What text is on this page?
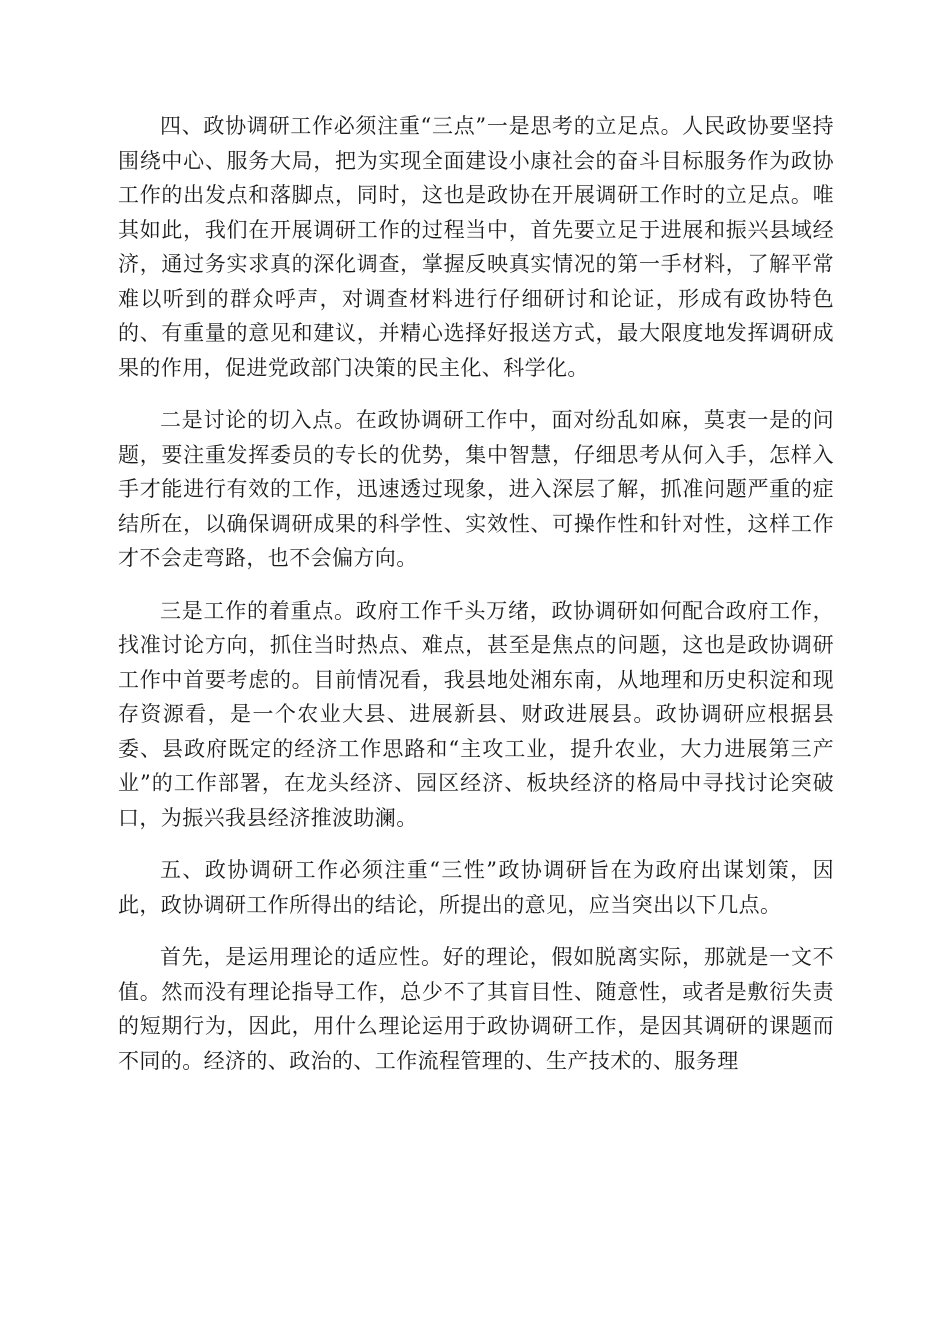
四、政协调研工作必须注重“三点”一是思考的立足点。人民政协要坚持围绕中心、服务大局，把为实现全面建设小康社会的奋斗目标服务作为政协工作的出发点和落脚点，同时，这也是政协在开展调研工作时的立足点。唯其如此，我们在开展调研工作的过程当中，首先要立足于进展和振兴县域经济，通过务实求真的深化调查，掌握反映真实情况的第一手材料，了解平常难以听到的群众呼声，对调查材料进行仔细研讨和论证，形成有政协特色的、有重量的意见和建议，并精心选择好报送方式，最大限度地发挥调研成果的作用，促进党政部门决策的民主化、科学化。

二是讨论的切入点。在政协调研工作中，面对纷乱如麻，莫衷一是的问题，要注重发挥委员的专长的优势，集中智慧，仔细思考从何入手，怎样入手才能进行有效的工作，迅速透过现象，进入深层了解，抓准问题严重的症结所在，以确保调研成果的科学性、实效性、可操作性和针对性，这样工作才不会走弯路，也不会偏方向。

三是工作的着重点。政府工作千头万绪，政协调研如何配合政府工作，找准讨论方向，抓住当时热点、难点，甚至是焦点的问题，这也是政协调研工作中首要考虑的。目前情况看，我县地处湘东南，从地理和历史积淀和现存资源看，是一个农业大县、进展新县、财政进展县。政协调研应根据县委、县政府既定的经济工作思路和“主攻工业，提升农业，大力进展第三产业”的工作部署，在龙头经济、园区经济、板块经济的格局中寻找讨论突破口，为振兴我县经济推波助澜。

五、政协调研工作必须注重“三性”政协调研旨在为政府出谋划策，因此，政协调研工作所得出的结论，所提出的意见，应当突出以下几点。

首先，是运用理论的适应性。好的理论，假如脱离实际，那就是一文不值。然而没有理论指导工作，总少不了其盲目性、随意性，或者是敷衍失责的短期行为，因此，用什么理论运用于政协调研工作，是因其调研的课题而不同的。经济的、政治的、工作流程管理的、生产技术的、服务理
